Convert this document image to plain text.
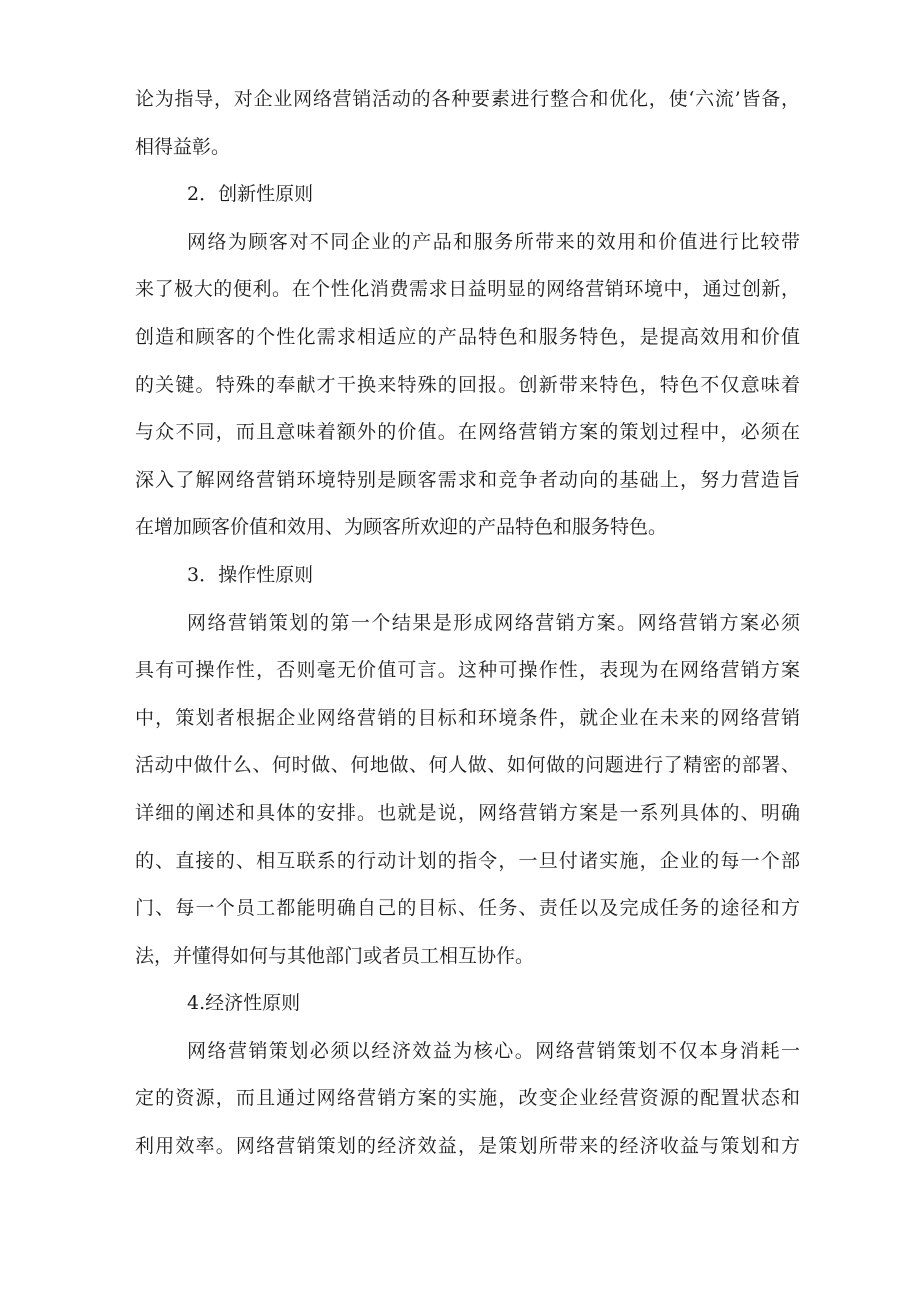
论为指导，对企业网络营销活动的各种要素进行整合和优化，使‘六流’皆备，
相得益彰。
2．创新性原则
网络为顾客对不同企业的产品和服务所带来的效用和价值进行比较带
来了极大的便利。在个性化消费需求日益明显的网络营销环境中，通过创新，
创造和顾客的个性化需求相适应的产品特色和服务特色，是提高效用和价值
的关键。特殊的奉献才干换来特殊的回报。创新带来特色，特色不仅意味着
与众不同，而且意味着额外的价值。在网络营销方案的策划过程中，必须在
深入了解网络营销环境特别是顾客需求和竞争者动向的基础上，努力营造旨
在增加顾客价值和效用、为顾客所欢迎的产品特色和服务特色。
3．操作性原则
网络营销策划的第一个结果是形成网络营销方案。网络营销方案必须
具有可操作性，否则毫无价值可言。这种可操作性，表现为在网络营销方案
中，策划者根据企业网络营销的目标和环境条件，就企业在未来的网络营销
活动中做什么、何时做、何地做、何人做、如何做的问题进行了精密的部署、
详细的阐述和具体的安排。也就是说，网络营销方案是一系列具体的、明确
的、直接的、相互联系的行动计划的指令，一旦付诸实施，企业的每一个部
门、每一个员工都能明确自己的目标、任务、责任以及完成任务的途径和方
法，并懂得如何与其他部门或者员工相互协作。
4.经济性原则
网络营销策划必须以经济效益为核心。网络营销策划不仅本身消耗一
定的资源，而且通过网络营销方案的实施，改变企业经营资源的配置状态和
利用效率。网络营销策划的经济效益，是策划所带来的经济收益与策划和方
